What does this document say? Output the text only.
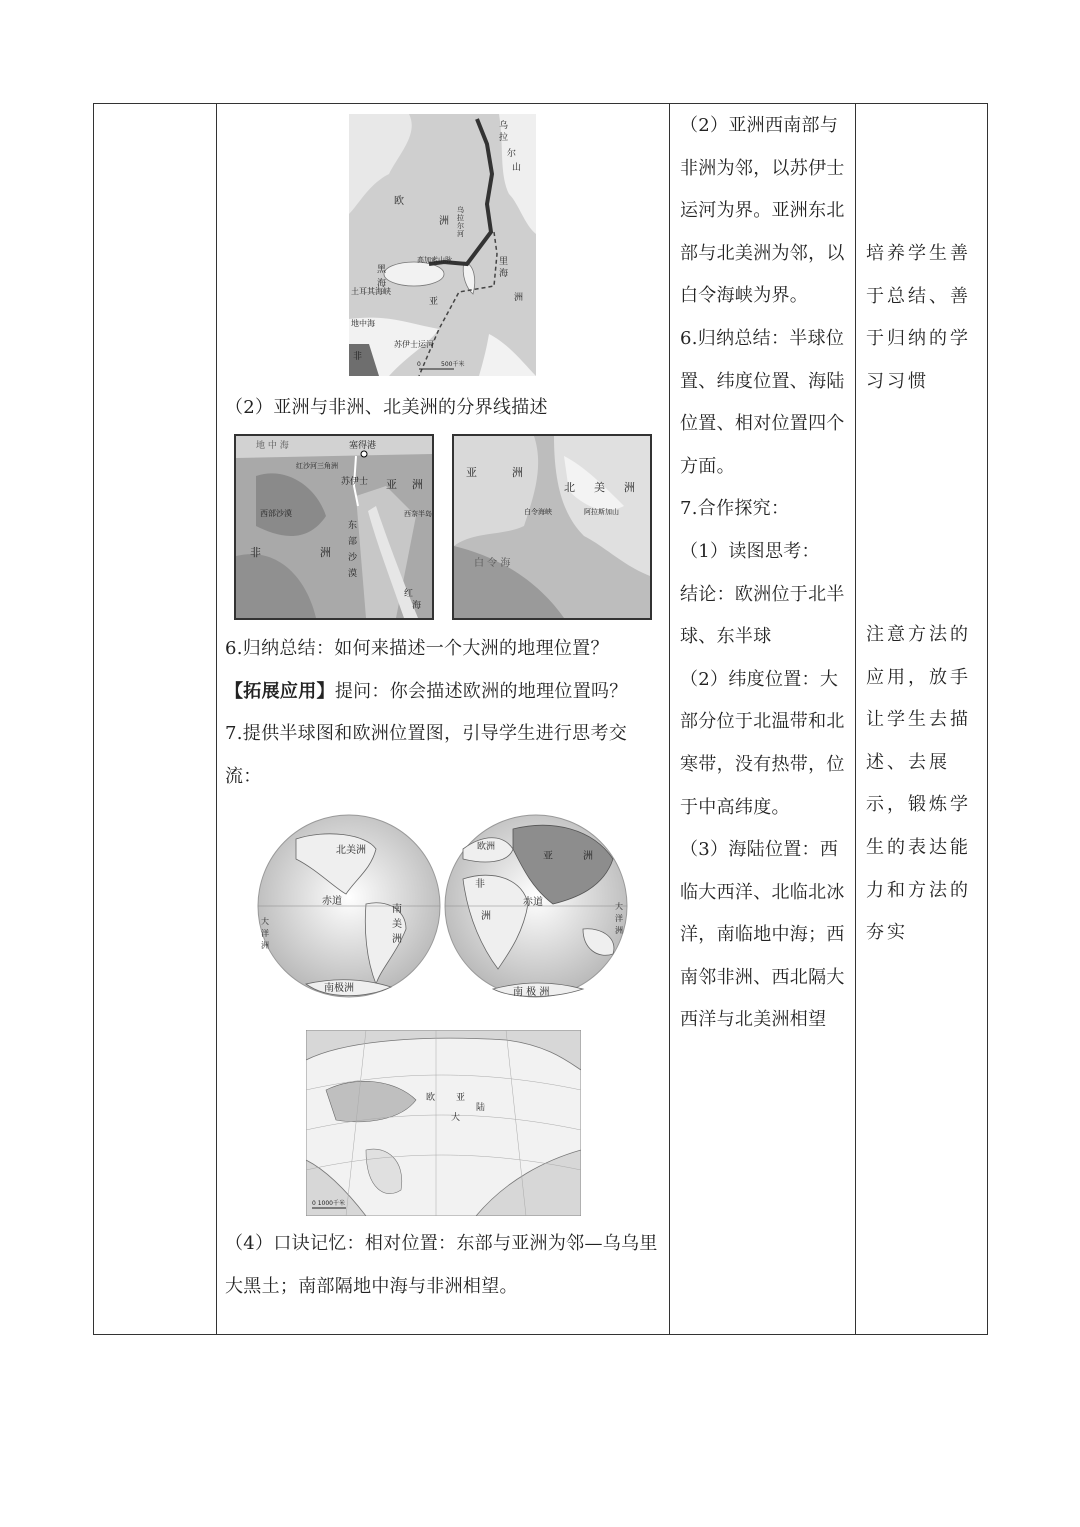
乌
拉
尔
山
欧
洲
里
海
黑
海
高加索山脉
土耳其海峡
亚	洲
地中海
苏伊士运河
0	500千米
非
乌
拉
尔
河

（2）亚洲与非洲、北美洲的分界线描述

地 中 海	塞得港
红沙河三角洲
苏伊士 亚 洲
西奈半岛
西部沙漠
非	洲
东
部
沙
漠
红
海
亚	洲
北 美 洲
白令海峡
白 令 海
阿拉斯加山

6.归纳总结：如何来描述一个大洲的地理位置？

【拓展应用】提问：你会描述欧洲的地理位置吗？

7.提供半球图和欧洲位置图，引导学生进行思考交流：

北美洲
赤道
南
美
洲
大
洋
洲
南极洲
欧洲
亚	洲
非
洲
赤道	大
洋
洲
南 极 洲
欧 亚
大
陆
0 1000千米

（4）口诀记忆：相对位置：东部与亚洲为邻—乌乌里大黑土；南部隔地中海与非洲相望。

（2）亚洲西南部与非洲为邻，以苏伊士运河为界。亚洲东北部与北美洲为邻，以白令海峡为界。

6.归纳总结：半球位置、纬度位置、海陆位置、相对位置四个方面。

7.合作探究：

（1）读图思考：

结论：欧洲位于北半球、东半球

（2）纬度位置：大部分位于北温带和北寒带，没有热带，位于中高纬度。

（3）海陆位置：西临大西洋、北临北冰洋，南临地中海；西南邻非洲、西北隔大西洋与北美洲相望

培养学生善于总结、善于归纳的学习习惯

注意方法的应用，放手让学生去描述、去展示，锻炼学生的表达能力和方法的夯实
